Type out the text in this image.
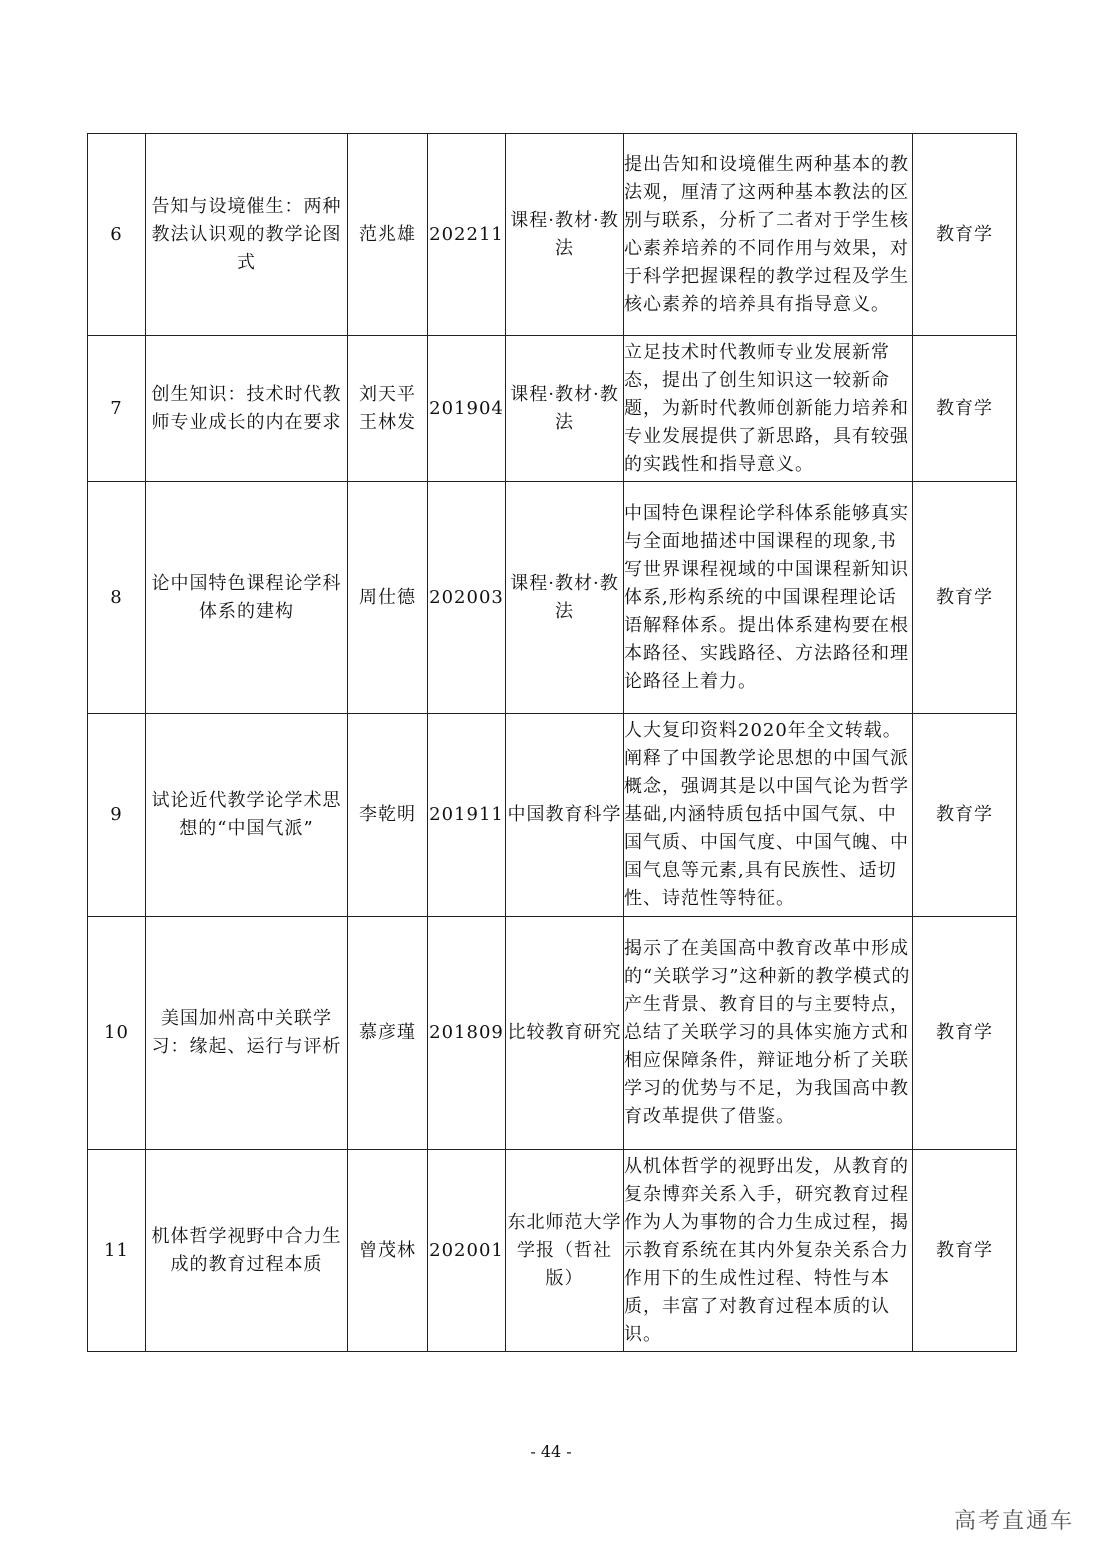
6	告知与设境催生：两种教法认识观的教学论图式	范兆雄	202211	课程·教材·教法	提出告知和设境催生两种基本的教法观，厘清了这两种基本教法的区别与联系，分析了二者对于学生核心素养培养的不同作用与效果，对于科学把握课程的教学过程及学生核心素养的培养具有指导意义。	教育学
7	创生知识：技术时代教师专业成长的内在要求	刘天平 王林发	201904	课程·教材·教法	立足技术时代教师专业发展新常态，提出了创生知识这一较新命题，为新时代教师创新能力培养和专业发展提供了新思路，具有较强的实践性和指导意义。	教育学
8	论中国特色课程论学科体系的建构	周仕德	202003	课程·教材·教法	中国特色课程论学科体系能够真实与全面地描述中国课程的现象,书写世界课程视域的中国课程新知识体系,形构系统的中国课程理论话语解释体系。提出体系建构要在根本路径、实践路径、方法路径和理论路径上着力。	教育学
9	试论近代教学论学术思想的“中国气派”	李乾明	201911	中国教育科学	人大复印资料2020年全文转载。阐释了中国教学论思想的中国气派概念，强调其是以中国气论为哲学基础,内涵特质包括中国气氛、中国气质、中国气度、中国气魄、中国气息等元素,具有民族性、适切性、诗范性等特征。	教育学
10	美国加州高中关联学习：缘起、运行与评析	慕彦瑾	201809	比较教育研究	揭示了在美国高中教育改革中形成的“关联学习”这种新的教学模式的产生背景、教育目的与主要特点，总结了关联学习的具体实施方式和相应保障条件，辩证地分析了关联学习的优势与不足，为我国高中教育改革提供了借鉴。	教育学
11	机体哲学视野中合力生成的教育过程本质	曾茂林	202001	东北师范大学学报（哲社版）	从机体哲学的视野出发，从教育的复杂博弈关系入手，研究教育过程作为人为事物的合力生成过程，揭示教育系统在其内外复杂关系合力作用下的生成性过程、特性与本质，丰富了对教育过程本质的认识。	教育学
- 44 -
高考直通车
